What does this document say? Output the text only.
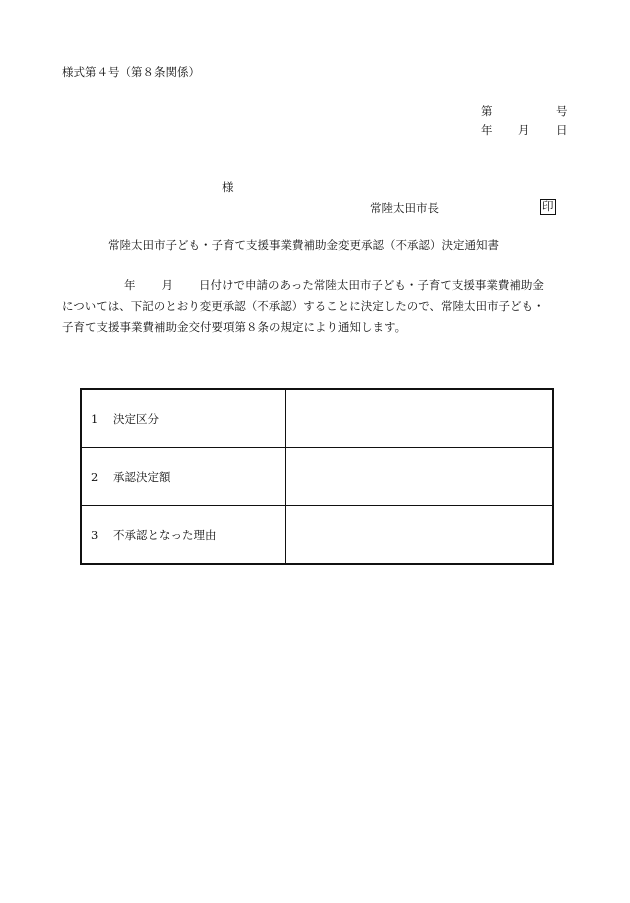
様式第４号（第８条関係）
第	号
年 月 日
様
常陸太田市長	印
常陸太田市子ども・子育て支援事業費補助金変更承認（不承認）決定通知書

年 月 日付けで申請のあった常陸太田市子ども・子育て支援事業費補助金

については、下記のとおり変更承認（不承認）することに決定したので、常陸太田市子ども・

子育て支援事業費補助金交付要項第８条の規定により通知します。

1 決定区分	
2 承認決定額	
3 不承認となった理由	
